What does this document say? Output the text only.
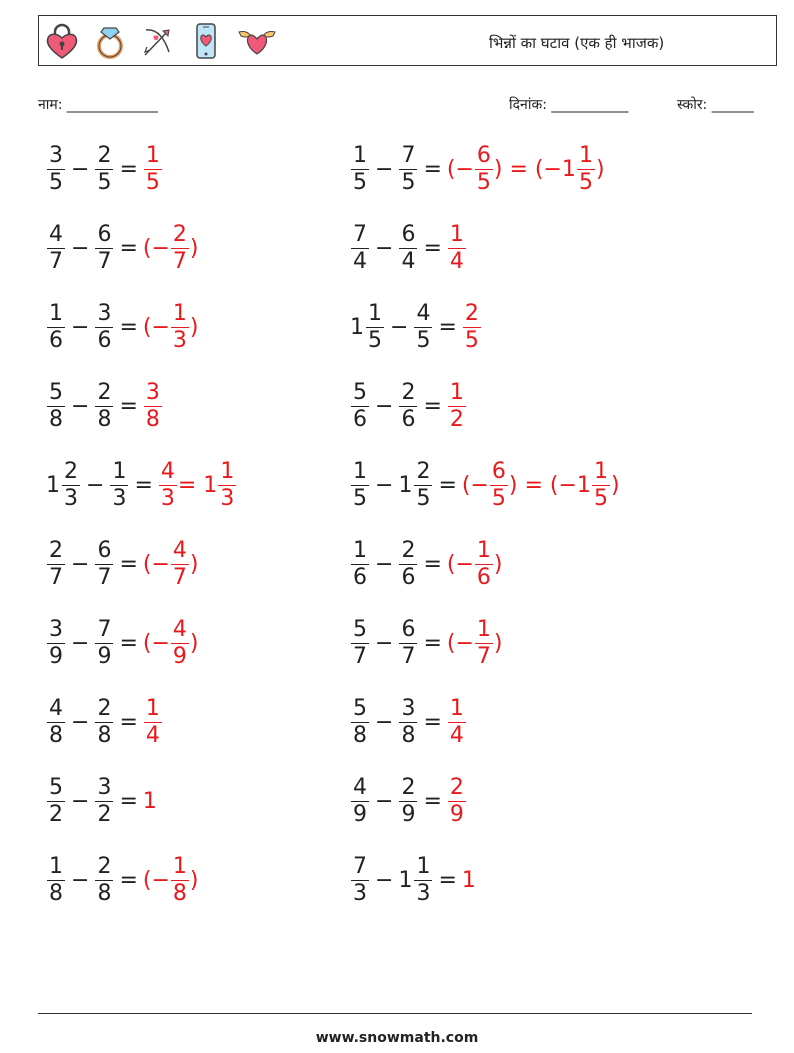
भिन्नों का घटाव (एक ही भाजक)
नाम: _____________	दिनांक: ___________	स्कोर: ______
$\frac{3}{5} - \frac{2}{5} = \frac{1}{5}$	$\frac{1}{5} - \frac{7}{5}$ = (− $\frac{6}{5}$ ) = ($-1 \frac{1}{5}$ )
$\frac{4}{7} - \frac{6}{7}$ = (− $\frac{2}{7}$ )	$\frac{7}{4} - \frac{6}{4} = \frac{1}{4}$
$\frac{1}{6} - \frac{3}{6}$ = (− $\frac{1}{3}$ )	$1 \frac{1}{5} - \frac{4}{5} = \frac{2}{5}$
$\frac{5}{8} - \frac{2}{8} = \frac{3}{8}$	$\frac{5}{6} - \frac{2}{6} = \frac{1}{2}$
$1 \frac{2}{3} - \frac{1}{3} = \frac{4}{3} = 1 \frac{1}{3}$	$\frac{1}{5} - 1 \frac{2}{5}$ = (− $\frac{6}{5}$ ) = ($-1 \frac{1}{5}$ )
$\frac{2}{7} - \frac{6}{7}$ = (− $\frac{4}{7}$ )	$\frac{1}{6} - \frac{2}{6}$ = (− $\frac{1}{6}$ )
$\frac{3}{9} - \frac{7}{9}$ = (− $\frac{4}{9}$ )	$\frac{5}{7} - \frac{6}{7}$ = (− $\frac{1}{7}$ )
$\frac{4}{8} - \frac{2}{8} = \frac{1}{4}$	$\frac{5}{8} - \frac{3}{8} = \frac{1}{4}$
$\frac{5}{2} - \frac{3}{2} = 1$	$\frac{4}{9} - \frac{2}{9} = \frac{2}{9}$
$\frac{1}{8} - \frac{2}{8}$ = (− $\frac{1}{8}$ )	$\frac{7}{3} - 1 \frac{1}{3} = 1$
www.snowmath.com
